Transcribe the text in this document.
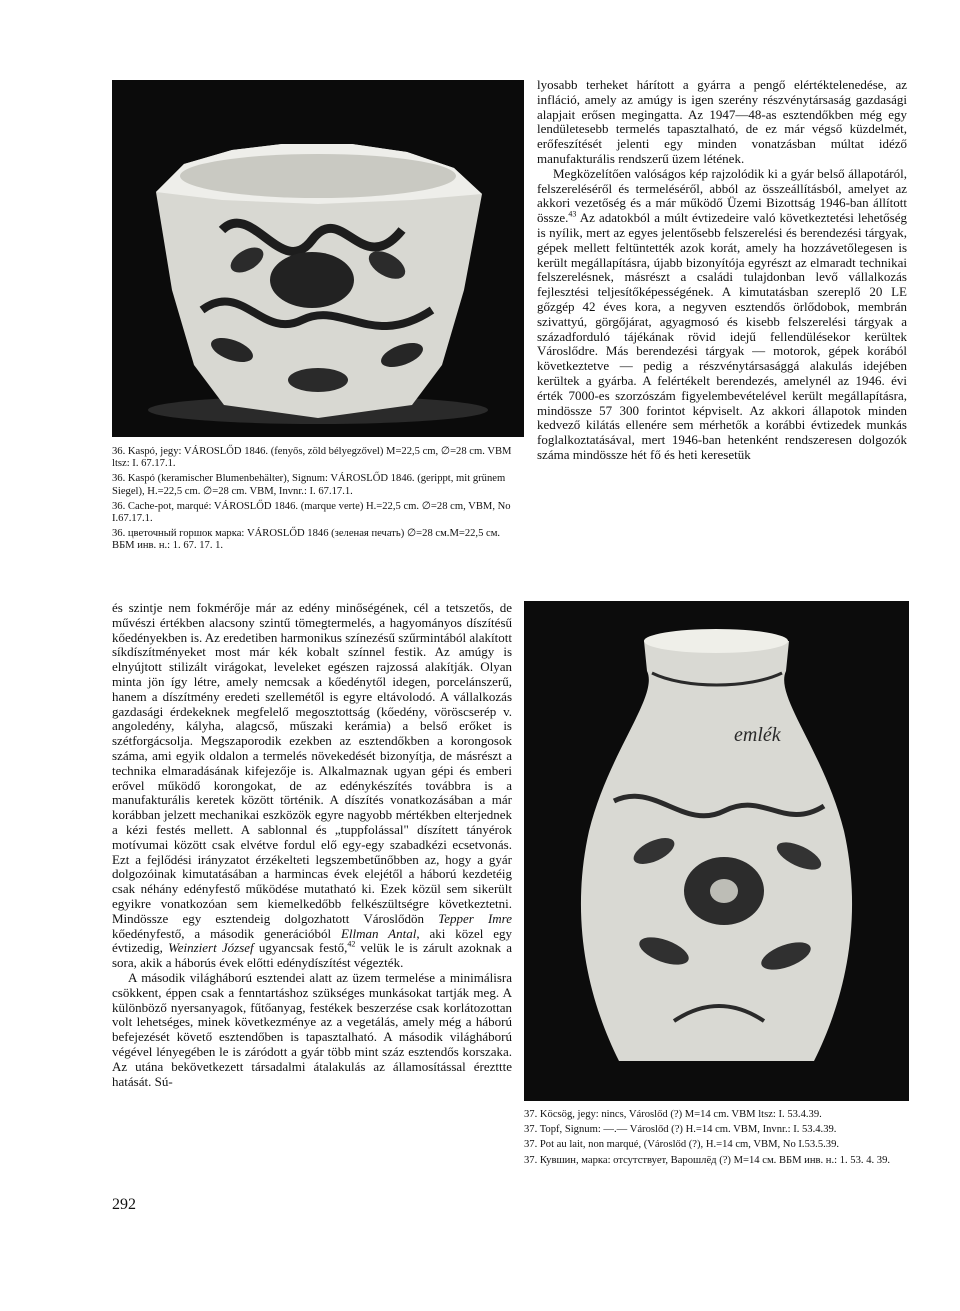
36. Kaspó, jegy: VÁROSLŐD 1846. (fenyős, zöld bélyegzővel) M=22,5 cm, ∅=28 cm. VBM ltsz: I. 67.17.1.

36. Kaspó (keramischer Blumenbehälter), Signum: VÁROSLŐD 1846. (gerippt, mit grünem Siegel), H.=22,5 cm. ∅=28 cm. VBM, Invnr.: I. 67.17.1.

36. Cache-pot, marqué: VÁROSLŐD 1846. (marque verte) H.=22,5 cm. ∅=28 cm, VBM, No I.67.17.1.

36. цветочный горшок марка: VÁROSLŐD 1846 (зеленая печать) ∅=28 см.М=22,5 см. ВБМ инв. н.: 1. 67. 17. 1.

lyosabb terheket hárított a gyárra a pengő elértéktelenedése, az infláció, amely az amúgy is igen szerény részvénytársaság gazdasági alapjait erősen megingatta. Az 1947—48-as esztendőkben még egy lendületesebb termelés tapasztalható, de ez már végső küzdelmét, erőfeszítését jelenti egy minden vonatzásban múltat idéző manufakturális rendszerű üzem létének.

Megközelítően valóságos kép rajzolódik ki a gyár belső állapotáról, felszereléséről és termeléséről, abból az összeállításból, amelyet az akkori vezetőség és a már működő Üzemi Bizottság 1946-ban állított össze.$^{43}$ Az adatokból a múlt évtizedeire való következtetési lehetőség is nyílik, mert az egyes jelentősebb felszerelési és berendezési tárgyak, gépek mellett feltüntették azok korát, amely ha hozzávetőlegesen is került megállapításra, újabb bizonyítója egyrészt az elmaradt technikai felszerelésnek, másrészt a családi tulajdonban levő vállalkozás fejlesztési teljesítőképességének. A kimutatásban szereplő 20 LE gőzgép 42 éves kora, a negyven esztendős örlődobok, membrán szivattyú, görgőjárat, agyagmosó és kisebb felszerelési tárgyak a századforduló tájékának rövid idejű fellendülésekor kerültek Városlődre. Más berendezési tárgyak — motorok, gépek korából következtetve — pedig a részvénytársasággá alakulás idejében kerültek a gyárba. A felértékelt berendezés, amelynél az 1946. évi érték 7000-es szorzószám figyelembevételével került megállapításra, mindössze 57 300 forintot képviselt. Az akkori állapotok minden kedvező kilátás ellenére sem mérhetők a korábbi évtizedek munkás foglalkoztatásával, mert 1946-ban hetenként rendszeresen dolgozók száma mindössze hét fő és heti keresetük

és szintje nem fokmérője már az edény minőségének, cél a tetszetős, de művészi értékben alacsony szintű tömegtermelés, a hagyományos díszítésű kőedényekben is. Az eredetiben harmonikus színezésű szűrmintából alakított síkdíszítményeket most már kék kobalt színnel festik. Az amúgy is elnyújtott stilizált virágokat, leveleket egészen rajzossá alakítják. Olyan minta jön így létre, amely nemcsak a kőedénytől idegen, porcelánszerű, hanem a díszítmény eredeti szellemétől is egyre eltávolodó. A vállalkozás gazdasági érdekeknek megfelelő megosztottság (kőedény, vöröscserép v. angoledény, kályha, alagcső, műszaki kerámia) a belső erőket is szétforgácsolja. Megszaporodik ezekben az esztendőkben a korongosok száma, ami egyik oldalon a termelés növekedését bizonyítja, de másrészt a technika elmaradásának kifejezője is. Alkalmaznak ugyan gépi és emberi erővel működő korongokat, de az edénykészítés továbbra is a manufakturális keretek között történik. A díszítés vonatkozásában a már korábban jelzett mechanikai eszközök egyre nagyobb mértékben elterjednek a kézi festés mellett. A sablonnal és „tuppfolással" díszített tányérok motívumai között csak elvétve fordul elő egy-egy szabadkézi ecsetvonás. Ezt a fejlődési irányzatot érzékelteti legszembetűnőbben az, hogy a gyár dolgozóinak kimutatásában a harmincas évek elejétől a háború kezdetéig csak néhány edényfestő működése mutatható ki. Ezek közül sem sikerült egyikre vonatkozóan sem kiemelkedőbb felkészültségre következtetni. Mindössze egy esztendeig dolgozhatott Városlődön Tepper Imre kőedényfestő, a második generációból Ellman Antal, aki közel egy évtizedig, Weinziert József ugyancsak festő,$^{42}$ velük le is zárult azoknak a sora, akik a háborús évek előtti edénydíszítést végezték.

A második világháború esztendei alatt az üzem termelése a minimálisra csökkent, éppen csak a fenntartáshoz szükséges munkásokat tartják meg. A különböző nyersanyagok, fűtőanyag, festékek beszerzése csak korlátozottan volt lehetséges, minek következménye az a vegetálás, amely még a háború befejezését követő esztendőben is tapasztalható. A második világháború végével lényegében le is záródott a gyár több mint száz esztendős korszaka. Az utána bekövetkezett társadalmi átalakulás az államosítással érezttte hatását. Sú-

emlék

37. Köcsög, jegy: nincs, Városlőd (?) M=14 cm. VBM ltsz: I. 53.4.39.

37. Topf, Signum: —.— Városlőd (?) H.=14 cm. VBM, Invnr.: I. 53.4.39.

37. Pot au lait, non marqué, (Városlőd (?), H.=14 cm, VBM, No I.53.5.39.

37. Кувшин, марка: отсутствует, Варошлёд (?) М=14 см. ВБМ инв. н.: 1. 53. 4. 39.

292
